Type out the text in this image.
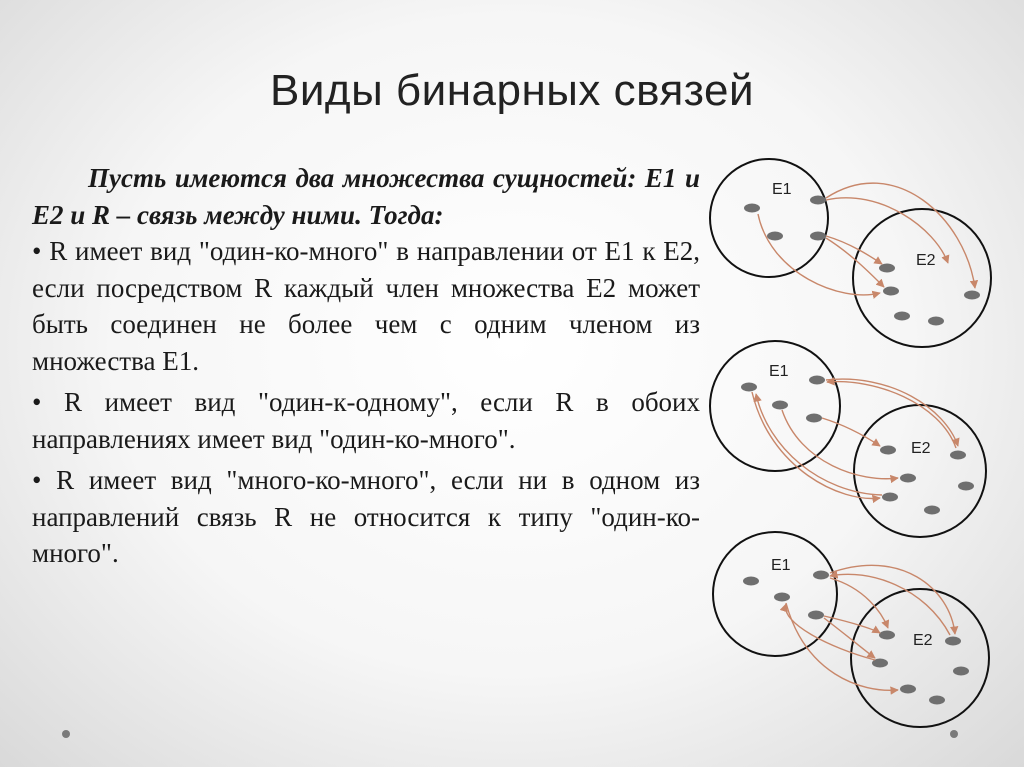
Виды бинарных связей

Пусть имеются два множества сущностей: E1 и E2 и R – связь между ними. Тогда:

• R имеет вид "один-ко-много" в направлении от E1 к E2, если посредством R каждый член множества E2 может быть соединен не более чем с одним членом из множества E1.

• R имеет вид "один-к-одному", если R в обоих направлениях имеет вид "один-ко-много".

• R имеет вид "много-ко-много", если ни в одном из направлений связь R не относится к типу "один-ко-много".

E1
E2
E1
E2
E1
E2
